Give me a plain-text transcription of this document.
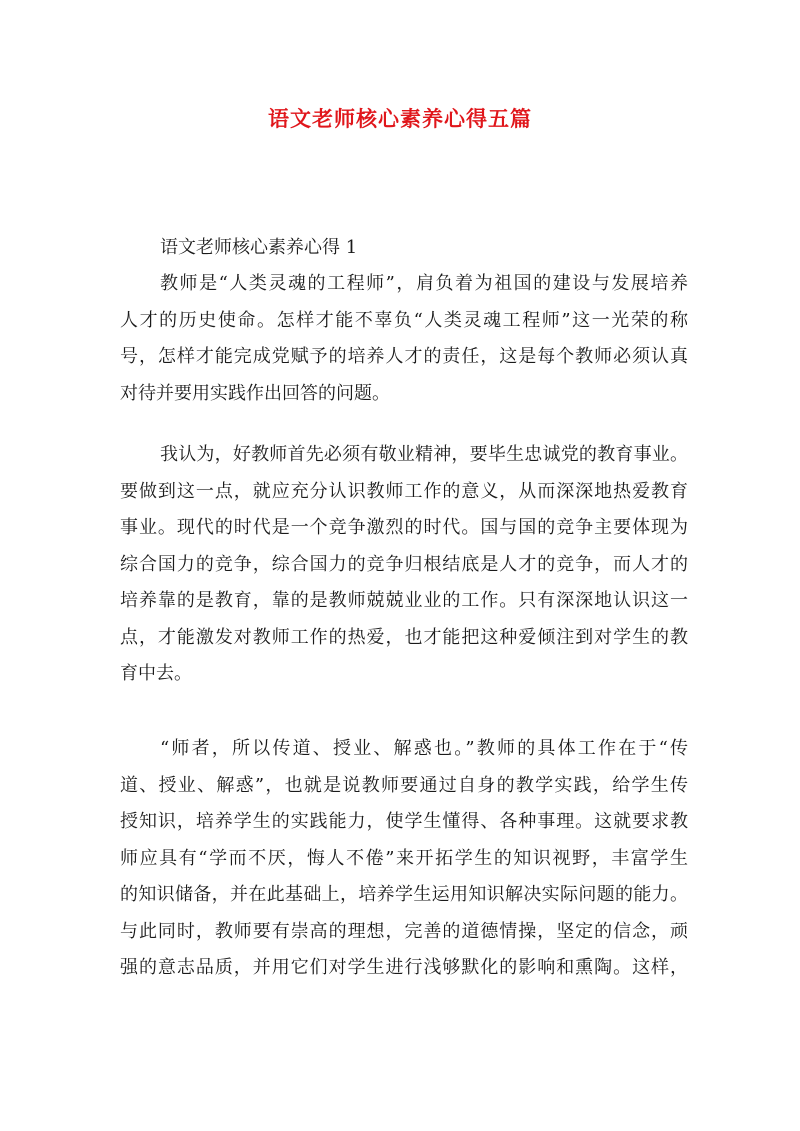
语文老师核心素养心得五篇

语文老师核心素养心得 1

教师是“人类灵魂的工程师”，肩负着为祖国的建设与发展培养
人才的历史使命。怎样才能不辜负“人类灵魂工程师”这一光荣的称
号，怎样才能完成党赋予的培养人才的责任，这是每个教师必须认真
对待并要用实践作出回答的问题。
我认为，好教师首先必须有敬业精神，要毕生忠诚党的教育事业。
要做到这一点，就应充分认识教师工作的意义，从而深深地热爱教育
事业。现代的时代是一个竞争激烈的时代。国与国的竞争主要体现为
综合国力的竞争，综合国力的竞争归根结底是人才的竞争，而人才的
培养靠的是教育，靠的是教师兢兢业业的工作。只有深深地认识这一
点，才能激发对教师工作的热爱，也才能把这种爱倾注到对学生的教
育中去。
“师者，所以传道、授业、解惑也。”教师的具体工作在于“传
道、授业、解惑”，也就是说教师要通过自身的教学实践，给学生传
授知识，培养学生的实践能力，使学生懂得、各种事理。这就要求教
师应具有“学而不厌，悔人不倦”来开拓学生的知识视野，丰富学生
的知识储备，并在此基础上，培养学生运用知识解决实际问题的能力。
与此同时，教师要有崇高的理想，完善的道德情操，坚定的信念，顽
强的意志品质，并用它们对学生进行浅够默化的影响和熏陶。这样，
